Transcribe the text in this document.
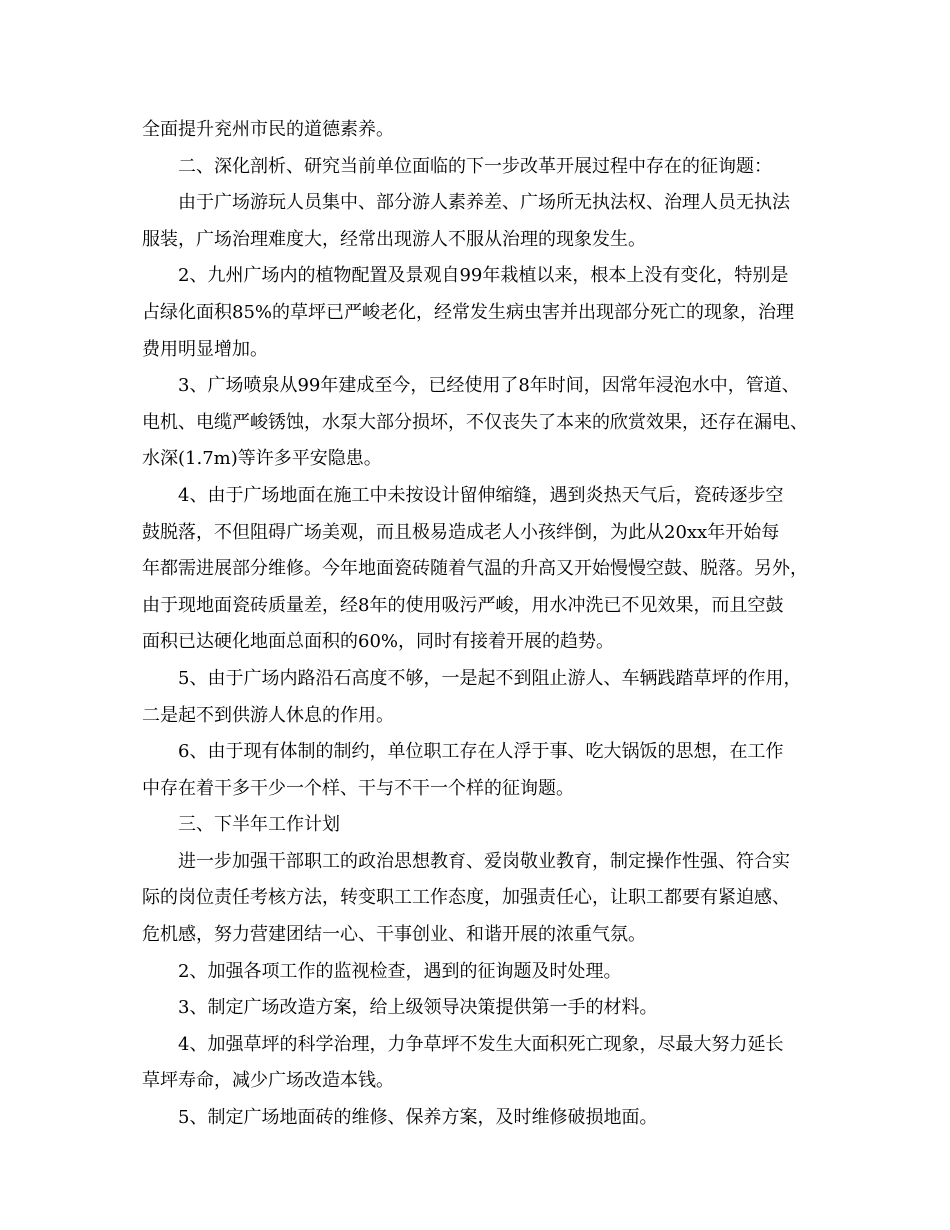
全面提升兖州市民的道德素养。

二、深化剖析、研究当前单位面临的下一步改革开展过程中存在的征询题：

由于广场游玩人员集中、部分游人素养差、广场所无执法权、治理人员无执法
服装，广场治理难度大，经常出现游人不服从治理的现象发生。

2、九州广场内的植物配置及景观自99年栽植以来，根本上没有变化，特别是
占绿化面积85%的草坪已严峻老化，经常发生病虫害并出现部分死亡的现象，治理
费用明显增加。

3、广场喷泉从99年建成至今，已经使用了8年时间，因常年浸泡水中，管道、
电机、电缆严峻锈蚀，水泵大部分损坏，不仅丧失了本来的欣赏效果，还存在漏电、
水深(1.7m)等许多平安隐患。

4、由于广场地面在施工中未按设计留伸缩缝，遇到炎热天气后，瓷砖逐步空
鼓脱落，不但阻碍广场美观，而且极易造成老人小孩绊倒，为此从20xx年开始每
年都需进展部分维修。今年地面瓷砖随着气温的升高又开始慢慢空鼓、脱落。另外，
由于现地面瓷砖质量差，经8年的使用吸污严峻，用水冲洗已不见效果，而且空鼓
面积已达硬化地面总面积的60%，同时有接着开展的趋势。

5、由于广场内路沿石高度不够，一是起不到阻止游人、车辆践踏草坪的作用，
二是起不到供游人休息的作用。

6、由于现有体制的制约，单位职工存在人浮于事、吃大锅饭的思想，在工作
中存在着干多干少一个样、干与不干一个样的征询题。

三、下半年工作计划

进一步加强干部职工的政治思想教育、爱岗敬业教育，制定操作性强、符合实
际的岗位责任考核方法，转变职工工作态度，加强责任心，让职工都要有紧迫感、
危机感，努力营建团结一心、干事创业、和谐开展的浓重气氛。

2、加强各项工作的监视检查，遇到的征询题及时处理。

3、制定广场改造方案，给上级领导决策提供第一手的材料。

4、加强草坪的科学治理，力争草坪不发生大面积死亡现象，尽最大努力延长
草坪寿命，减少广场改造本钱。

5、制定广场地面砖的维修、保养方案，及时维修破损地面。
